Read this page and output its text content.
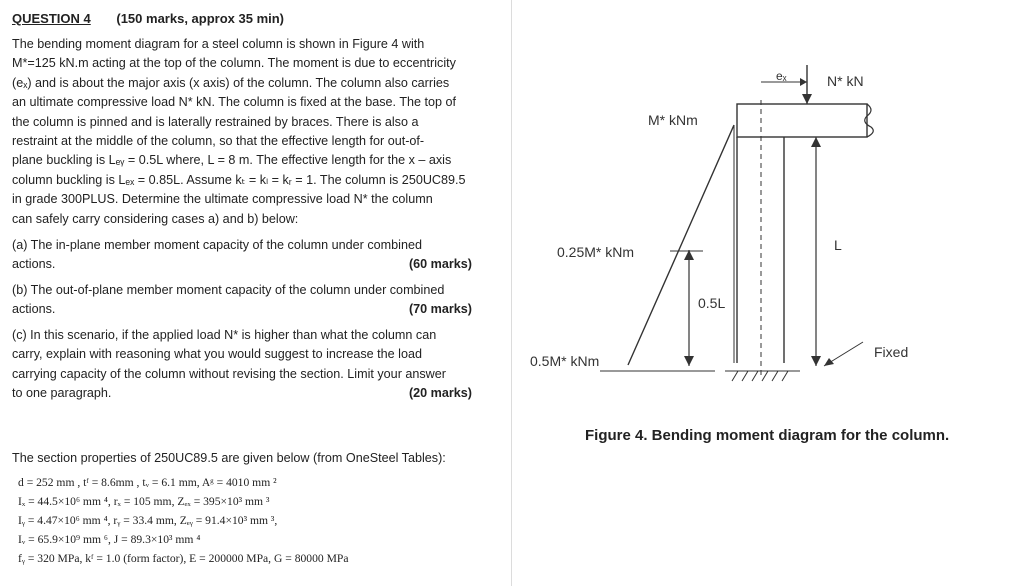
QUESTION 4 (150 marks, approx 35 min)
The bending moment diagram for a steel column is shown in Figure 4 with
M*=125 kN.m acting at the top of the column. The moment is due to eccentricity
(eₓ) and is about the major axis (x axis) of the column. The column also carries
an ultimate compressive load N* kN. The column is fixed at the base. The top of
the column is pinned and is laterally restrained by braces. There is also a
restraint at the middle of the column, so that the effective length for out-of-
plane buckling is Lₑᵧ = 0.5L where, L = 8 m. The effective length for the x – axis
column buckling is Lₑₓ = 0.85L. Assume kₜ = kₗ = kᵣ = 1. The column is 250UC89.5
in grade 300PLUS. Determine the ultimate compressive load N* the column
can safely carry considering cases a) and b) below:
(a) The in-plane member moment capacity of the column under combined
actions.	(60 marks)
(b) The out-of-plane member moment capacity of the column under combined
actions.	(70 marks)
(c) In this scenario, if the applied load N* is higher than what the column can
carry, explain with reasoning what you would suggest to increase the load
carrying capacity of the column without revising the section. Limit your answer
to one paragraph.	(20 marks)
The section properties of 250UC89.5 are given below (from OneSteel Tables):
d = 252 mm , tᶠ = 8.6mm , tᵥ = 6.1 mm, Aᵍ = 4010 mm ²
Iₓ = 44.5×10⁶ mm ⁴, rₓ = 105 mm, Zₑₓ = 395×10³ mm ³
Iᵧ = 4.47×10⁶ mm ⁴, rᵧ = 33.4 mm, Zₑᵧ = 91.4×10³ mm ³,
Iᵥ = 65.9×10⁹ mm ⁶, J = 89.3×10³ mm ⁴
fᵧ = 320 MPa, kᶠ = 1.0 (form factor), E = 200000 MPa, G = 80000 MPa
eₓ	N* kN
M* kNm
0.25M* kNm
0.5M* kNm
0.5L
L
Fixed
Figure 4. Bending moment diagram for the column.
